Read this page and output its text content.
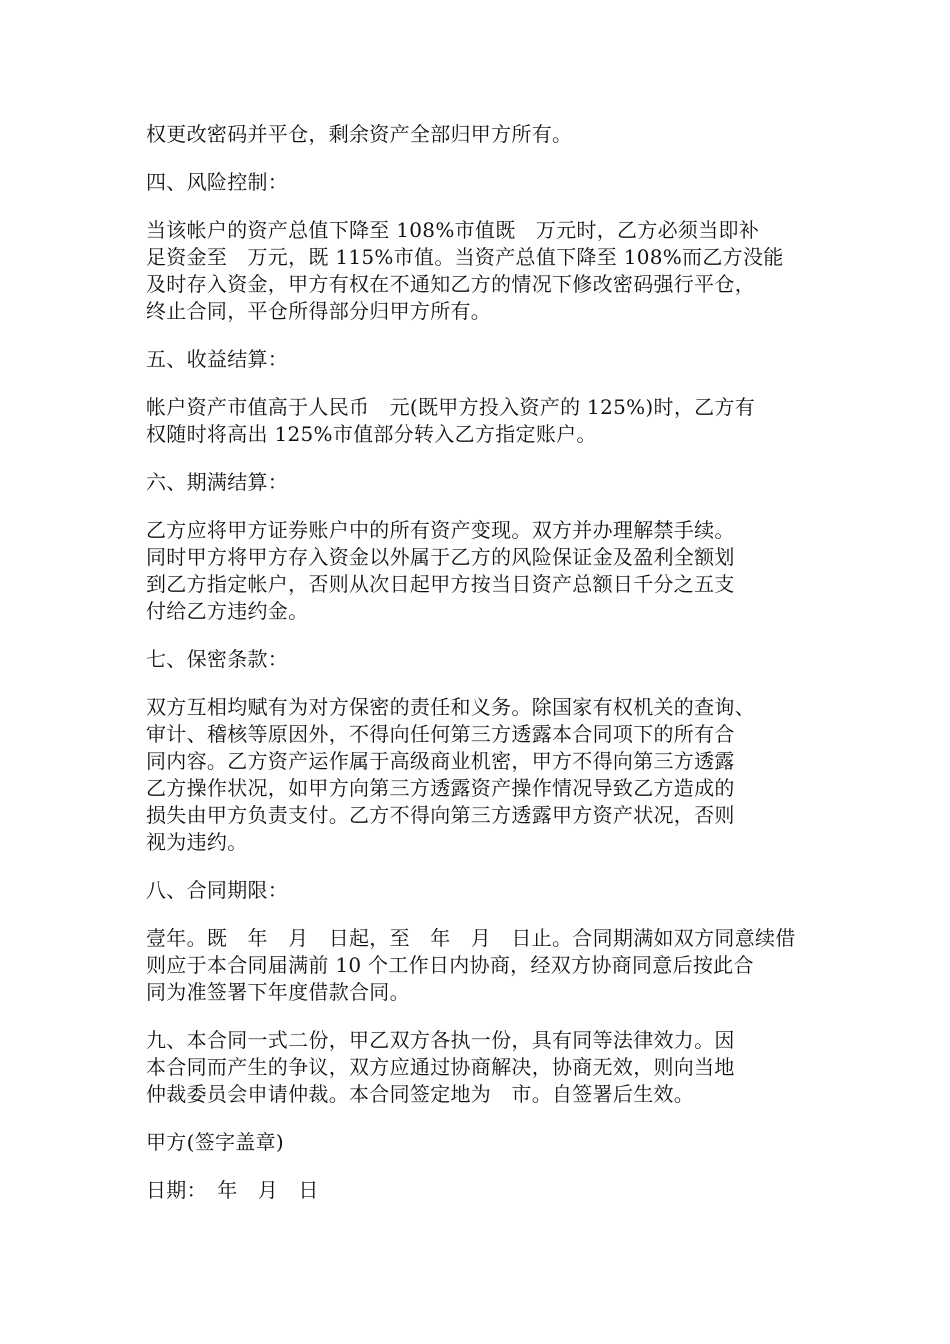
权更改密码并平仓，剩余资产全部归甲方所有。

四、风险控制：

当该帐户的资产总值下降至 108%市值既　万元时，乙方必须当即补
足资金至　万元，既 115%市值。当资产总值下降至 108%而乙方没能
及时存入资金，甲方有权在不通知乙方的情况下修改密码强行平仓，
终止合同，平仓所得部分归甲方所有。

五、收益结算：

帐户资产市值高于人民币　元(既甲方投入资产的 125%)时，乙方有
权随时将高出 125%市值部分转入乙方指定账户。

六、期满结算：

乙方应将甲方证券账户中的所有资产变现。双方并办理解禁手续。
同时甲方将甲方存入资金以外属于乙方的风险保证金及盈利全额划
到乙方指定帐户，否则从次日起甲方按当日资产总额日千分之五支
付给乙方违约金。

七、保密条款：

双方互相均赋有为对方保密的责任和义务。除国家有权机关的查询、
审计、稽核等原因外，不得向任何第三方透露本合同项下的所有合
同内容。乙方资产运作属于高级商业机密，甲方不得向第三方透露
乙方操作状况，如甲方向第三方透露资产操作情况导致乙方造成的
损失由甲方负责支付。乙方不得向第三方透露甲方资产状况，否则
视为违约。

八、合同期限：

壹年。既　年　月　日起，至　年　月　日止。合同期满如双方同意续借
则应于本合同届满前 10 个工作日内协商，经双方协商同意后按此合
同为准签署下年度借款合同。

九、本合同一式二份，甲乙双方各执一份，具有同等法律效力。因
本合同而产生的争议，双方应通过协商解决，协商无效，则向当地
仲裁委员会申请仲裁。本合同签定地为　市。自签署后生效。

甲方(签字盖章)

日期：　年　月　日
